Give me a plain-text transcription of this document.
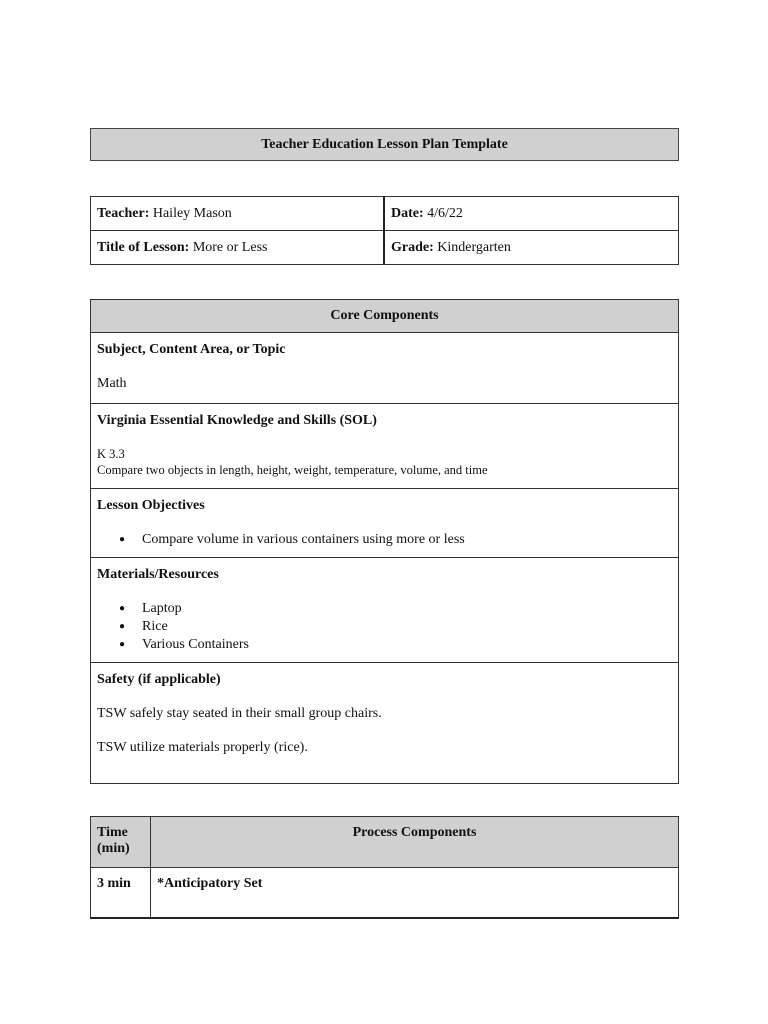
Teacher Education Lesson Plan Template
Teacher: Hailey Mason	Date: 4/6/22
Title of Lesson: More or Less	Grade: Kindergarten
Core Components

Subject, Content Area, or Topic
Math

Virginia Essential Knowledge and Skills (SOL)
K 3.3
Compare two objects in length, height, weight, temperature, volume, and time

Lesson Objectives
● Compare volume in various containers using more or less

Materials/Resources
● Laptop
● Rice
● Various Containers

Safety (if applicable)
TSW safely stay seated in their small group chairs.
TSW utilize materials properly (rice).
Time (min)	Process Components
3 min	*Anticipatory Set
